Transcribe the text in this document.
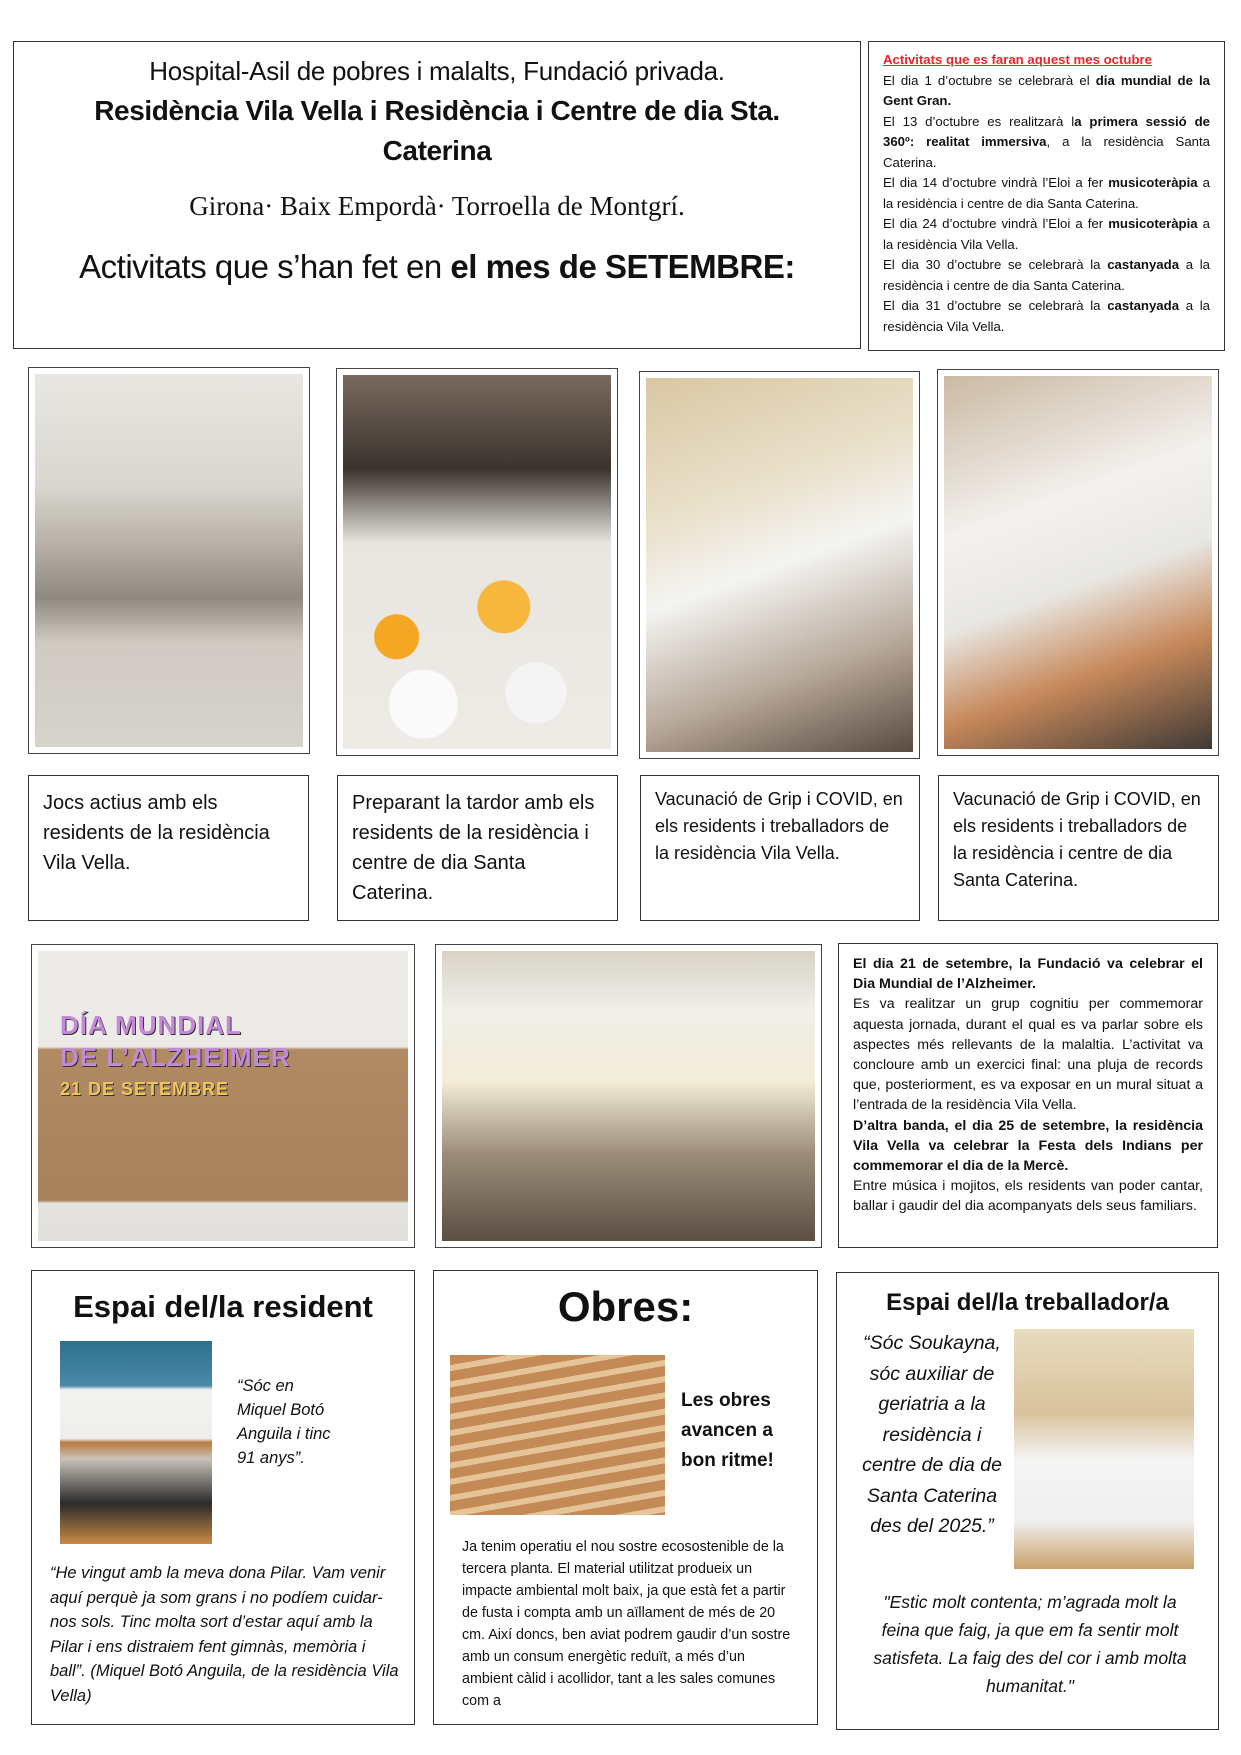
Hospital-Asil de pobres i malalts, Fundació privada.
Residència Vila Vella i Residència i Centre de dia Sta. Caterina
Girona· Baix Empordà· Torroella de Montgrí.
Activitats que s’han fet en el mes de SETEMBRE:
Activitats que es faran aquest mes octubre
El dia 1 d’octubre se celebrarà el dia mundial de la Gent Gran.
El 13 d’octubre es realitzarà la primera sessió de 360º: realitat immersiva, a la residència Santa Caterina.
El dia 14 d’octubre vindrà l’Eloi a fer musicoteràpia a la residència i centre de dia Santa Caterina.
El dia 24 d’octubre vindrà l’Eloi a fer musicoteràpia a la residència Vila Vella.
El dia 30 d’octubre se celebrarà la castanyada a la residència i centre de dia Santa Caterina.
El dia 31 d’octubre se celebrarà la castanyada a la residència Vila Vella.
Jocs actius amb els residents de la residència Vila Vella.
Preparant la tardor amb els residents de la residència i centre de dia Santa Caterina.
Vacunació de Grip i COVID, en els residents i treballadors de la residència Vila Vella.
Vacunació de Grip i COVID, en els residents i treballadors de la residència i centre de dia Santa Caterina.
DÍA MUNDIAL
DE L’ALZHEIMER
21 DE SETEMBRE
El dia 21 de setembre, la Fundació va celebrar el Dia Mundial de l’Alzheimer.
Es va realitzar un grup cognitiu per commemorar aquesta jornada, durant el qual es va parlar sobre els aspectes més rellevants de la malaltia. L’activitat va concloure amb un exercici final: una pluja de records que, posteriorment, es va exposar en un mural situat a l’entrada de la residència Vila Vella.
D’altra banda, el dia 25 de setembre, la residència Vila Vella va celebrar la Festa dels Indians per commemorar el dia de la Mercè.
Entre música i mojitos, els residents van poder cantar, ballar i gaudir del dia acompanyats dels seus familiars.
Espai del/la resident
“Sóc en Miquel Botó Anguila i tinc 91 anys”.
“He vingut amb la meva dona Pilar. Vam venir aquí perquè ja som grans i no podíem cuidar-nos sols. Tinc molta sort d’estar aquí amb la Pilar i ens distraiem fent gimnàs, memòria i ball”. (Miquel Botó Anguila, de la residència Vila Vella)
Obres:
Les obres avancen a bon ritme!
Ja tenim operatiu el nou sostre ecosostenible de la tercera planta. El material utilitzat produeix un impacte ambiental molt baix, ja que està fet a partir de fusta i compta amb un aïllament de més de 20 cm. Així doncs, ben aviat podrem gaudir d’un sostre amb un consum energètic reduït, a més d’un ambient càlid i acollidor, tant a les sales comunes com a
Espai del/la treballador/a
“Sóc Soukayna, sóc auxiliar de geriatria a la residència i centre de dia de Santa Caterina des del 2025.”
"Estic molt contenta; m’agrada molt la feina que faig, ja que em fa sentir molt satisfeta. La faig des del cor i amb molta humanitat."
